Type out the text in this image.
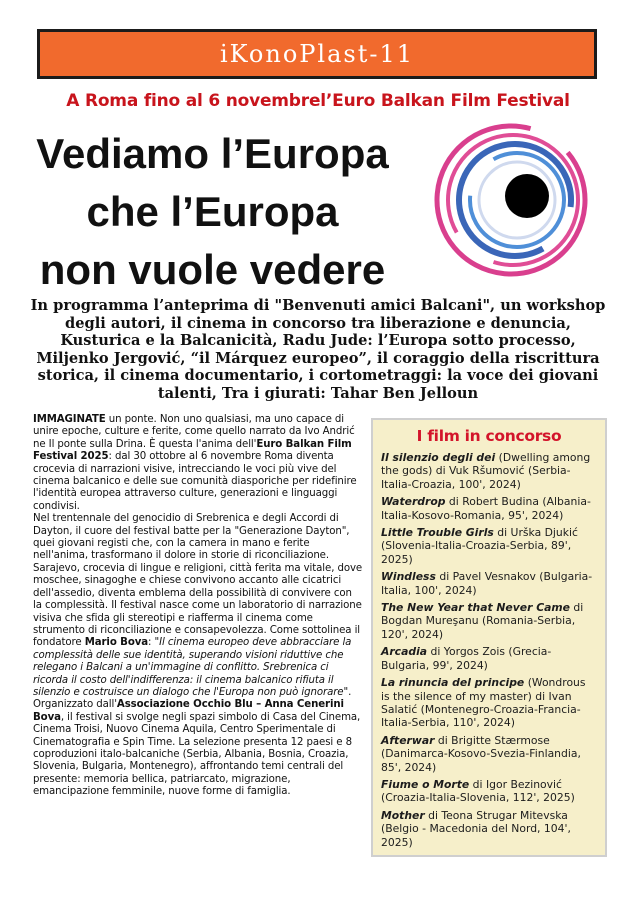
iKonoPlast-11
A Roma fino al 6 novembrel’Euro Balkan Film Festival
Vediamo l’Europa
che l’Europa
non vuole vedere
In programma l’anteprima di "Benvenuti amici Balcani", un workshop degli autori, il cinema in concorso tra liberazione e denuncia, Kusturica e la Balcanicità, Radu Jude: l’Europa sotto processo, Miljenko Jergović, “il Márquez europeo”, il coraggio della riscrittura storica, il cinema documentario, i cortometraggi: la voce dei giovani talenti, Tra i giurati: Tahar Ben Jelloun

IMMAGINATE un ponte. Non uno qualsiasi, ma uno capace di unire epoche, culture e ferite, come quello narrato da Ivo Andrić ne Il ponte sulla Drina. È questa l'anima dell'Euro Balkan Film Festival 2025: dal 30 ottobre al 6 novembre Roma diventa crocevia di narrazioni visive, intrecciando le voci più vive del cinema balcanico e delle sue comunità diasporiche per ridefinire l'identità europea attraverso culture, generazioni e linguaggi condivisi.

Nel trentennale del genocidio di Srebrenica e degli Accordi di Dayton, il cuore del festival batte per la "Generazione Dayton", quei giovani registi che, con la camera in mano e ferite nell'anima, trasformano il dolore in storie di riconciliazione. Sarajevo, crocevia di lingue e religioni, città ferita ma vitale, dove moschee, sinagoghe e chiese convivono accanto alle cicatrici dell'assedio, diventa emblema della possibilità di convivere con la complessità. Il festival nasce come un laboratorio di narrazione visiva che sfida gli stereotipi e riafferma il cinema come strumento di riconciliazione e consapevolezza. Come sottolinea il fondatore Mario Bova: "Il cinema europeo deve abbracciare la complessità delle sue identità, superando visioni riduttive che relegano i Balcani a un'immagine di conflitto. Srebrenica ci ricorda il costo dell'indifferenza: il cinema balcanico rifiuta il silenzio e costruisce un dialogo che l'Europa non può ignorare".

Organizzato dall'Associazione Occhio Blu – Anna Cenerini Bova, il festival si svolge negli spazi simbolo di Casa del Cinema, Cinema Troisi, Nuovo Cinema Aquila, Centro Sperimentale di Cinematografia e Spin Time. La selezione presenta 12 paesi e 8 coproduzioni italo-balcaniche (Serbia, Albania, Bosnia, Croazia, Slovenia, Bulgaria, Montenegro), affrontando temi centrali del presente: memoria bellica, patriarcato, migrazione, emancipazione femminile, nuove forme di famiglia.

I film in concorso
Il silenzio degli dei (Dwelling among the gods) di Vuk Ršumović (Serbia-Italia-Croazia, 100', 2024)
Waterdrop di Robert Budina (Albania-Italia-Kosovo-Romania, 95', 2024)
Little Trouble Girls di Urška Djukić (Slovenia-Italia-Croazia-Serbia, 89', 2025)
Windless di Pavel Vesnakov (Bulgaria-Italia, 100', 2024)
The New Year that Never Came di Bogdan Mureşanu (Romania-Serbia, 120', 2024)
Arcadia di Yorgos Zois (Grecia-Bulgaria, 99', 2024)
La rinuncia del principe (Wondrous is the silence of my master) di Ivan Salatić (Montenegro-Croazia-Francia-Italia-Serbia, 110', 2024)
Afterwar di Brigitte Stærmose (Danimarca-Kosovo-Svezia-Finlandia, 85', 2024)
Fiume o Morte di Igor Bezinović (Croazia-Italia-Slovenia, 112', 2025)
Mother di Teona Strugar Mitevska (Belgio - Macedonia del Nord, 104', 2025)
